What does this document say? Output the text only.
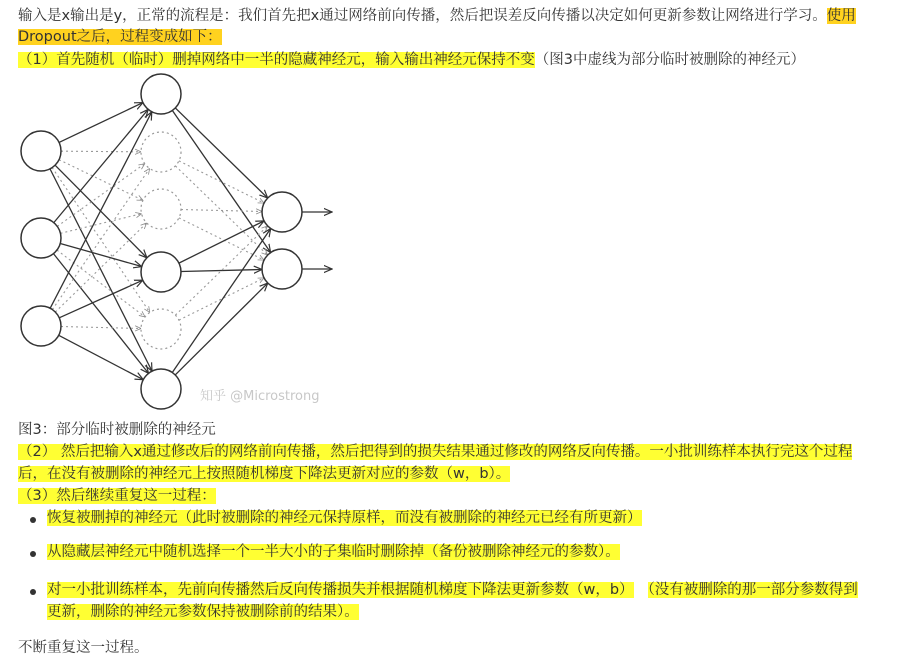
输入是x输出是y，正常的流程是：我们首先把x通过网络前向传播，然后把误差反向传播以决定如何更新参数让网络进行学习。使用
Dropout之后，过程变成如下：
（1）首先随机（临时）删掉网络中一半的隐藏神经元，输入输出神经元保持不变（图3中虚线为部分临时被删除的神经元）
知乎 @Microstrong
图3：部分临时被删除的神经元
（2） 然后把输入x通过修改后的网络前向传播，然后把得到的损失结果通过修改的网络反向传播。一小批训练样本执行完这个过程
后，在没有被删除的神经元上按照随机梯度下降法更新对应的参数（w，b）。
（3）然后继续重复这一过程：
恢复被删掉的神经元（此时被删除的神经元保持原样，而没有被删除的神经元已经有所更新）
从隐藏层神经元中随机选择一个一半大小的子集临时删除掉（备份被删除神经元的参数）。
对一小批训练样本，先前向传播然后反向传播损失并根据随机梯度下降法更新参数（w，b） （没有被删除的那一部分参数得到
更新，删除的神经元参数保持被删除前的结果）。
不断重复这一过程。
